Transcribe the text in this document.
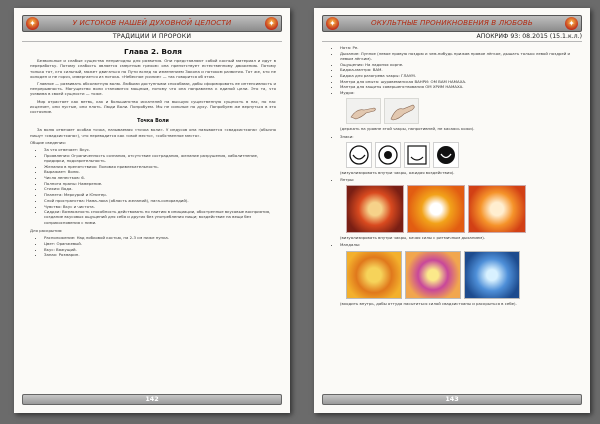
✦	У ИСТОКОВ НАШЕЙ ДУХОВНОЙ ЦЕЛОСТИ	✦
ТРАДИЦИИ И ПРОРОКИ
Глава 2. Воля

Безвольные и слабые существа непригодны для развития. Они представляют собой косный материал и идут в переработку. Потому слабость является смертным грехом: она препятствует естественному движению. Потому только тот, кто сильный, может двигаться по Пути вслед за изменением Закона и потоком развития. Тот же, кто не холоден и не горяч, извергается из потока. «Небесное усилие» — так говорится об этом.

Главное — развивать абсолютную волю. Любыми доступными способами, дабы сформировать ее интенсивность и непрерывность. Могущество воли становится мощным, потому что она направлена к единой цели. Это та, что уязвима в своей сущности — тоже.

Мир отрастает как ветвь, как и большинство искателей на высшую существенную сущность в нас, но нас исцеляет, они пустые, они плоть. Люди Воли. Попробуем. Мы не сильные по духу. Попробуем же вернуться в это состояние.

Точка Воли

За волю отвечает особая точка, называемая «точка воли». У индусов она называется «свадхистхана» (обычно пишут «свадхистхана»), что переводится как «своё место», «собственное место».

Общие сведения:

• За что отвечает: Вкус.
• Проявления: Ограниченность сознания, отсутствие сострадания, желание разрушения, хаболитнение, придирки, подозрительность.
• Желания в препятствиях: Половая привлекательность.
• Выражает: Волю.
• Число лепестков: 6.
• Полнота праны: Намерение.
• Стихия: Вода.
• Планета: Меркурий и Юпитер.
• Слой пространства: Нама-лока (область желаний), нага-сонорандий).
• Чувство: Вкус и чистота.
• Сиддхи: Возможность способность действовать по наитию в инициации, обостренные вкусовые восприятия, создание вкусовых ощущений для себя и других без употребления пищи; воздействие на вещи без соприкосновения с ними.

Для раскрытия:

• Расположение: Над лобковой костью, на 2-3 см ниже пупка.
• Цвет: Оранжевый.
• Вкус: Вяжущий.
• Запах: Розмарин.
142
✦	ОКУЛЬТНЫЕ ПРОНИКНОВЕНИЯ В ЛЮБОВЬ	✦
АПОКРИФ 93: 08.2015 (15.1.к.л.)
• Нота: Ре.
• Дыхание: Лунное (левое правую ноздрю и чем-нибудь прижав правое лёгкое, дышать только левой ноздрей и левым лёгким).
• Ощущения: На ладонях корне.
• Биджа-мантра: ВАМ.
• Биджа для разогрева чакры: ГЛАУМ.
• Мантра для опыта: шуравеминская ВАНРИ: ОМ ВАМ НАМАХА.
• Мантра для защиты совершенствования ОМ ХРИМ НАМАХА.
• Мудра:

(держать на уровне этой чакры, напротивней, не касаясь кожи).

• Знаки:

(визуализировать внутри чакры, ожидая воздействия).

• Янтры:

(визуализировать внутри чакры, качая силы с ритмичным дыханием).

• Мандалы:

(входить внутрь, дабы оттуда насытиться силой свадхистханы и раскрыться в себе).

143
